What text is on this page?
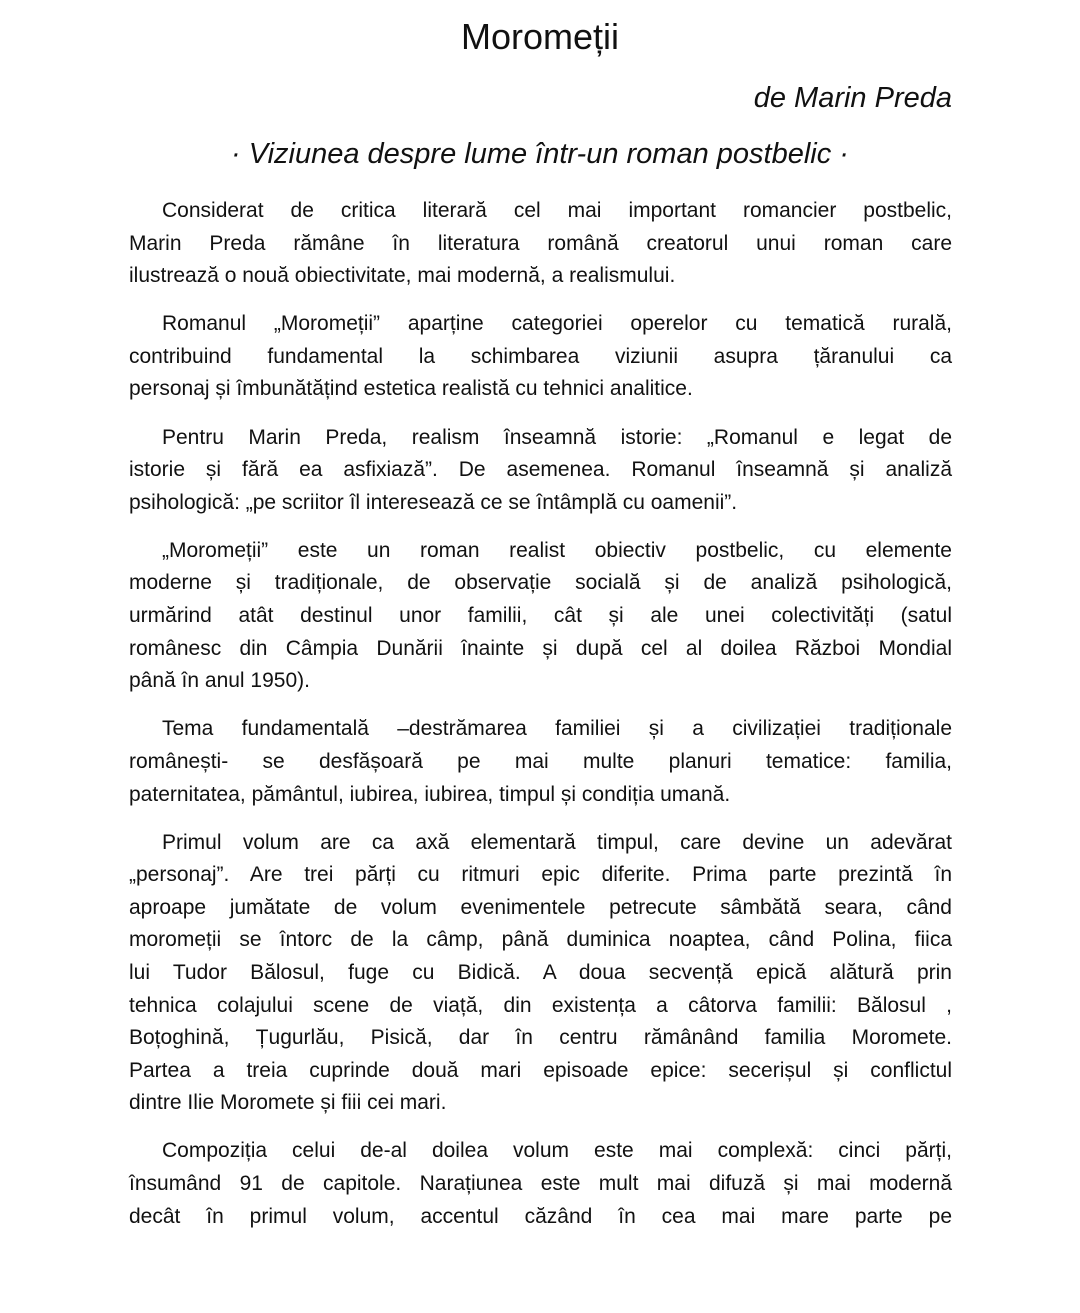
Moromeții
de Marin Preda
· Viziunea despre lume într-un roman postbelic ·
Considerat de critica literară cel mai important romancier postbelic,
Marin Preda rămâne în literatura română creatorul unui roman care
ilustrează o nouă obiectivitate, mai modernă, a realismului.
Romanul „Moromeții” aparține categoriei operelor cu tematică rurală,
contribuind fundamental la schimbarea viziunii asupra țăranului ca
personaj și îmbunătățind estetica realistă cu tehnici analitice.
Pentru Marin Preda, realism înseamnă istorie: „Romanul e legat de
istorie și fără ea asfixiază”. De asemenea. Romanul înseamnă și analiză
psihologică: „pe scriitor îl interesează ce se întâmplă cu oamenii”.
„Moromeții” este un roman realist obiectiv postbelic, cu elemente
moderne și tradiționale, de observație socială și de analiză psihologică,
urmărind atât destinul unor familii, cât și ale unei colectivități (satul
românesc din Câmpia Dunării înainte și după cel al doilea Război Mondial
până în anul 1950).
Tema fundamentală –destrămarea familiei și a civilizației tradiționale
românești- se desfășoară pe mai multe planuri tematice: familia,
paternitatea, pământul, iubirea, iubirea, timpul și condiția umană.
Primul volum are ca axă elementară timpul, care devine un adevărat
„personaj”. Are trei părți cu ritmuri epic diferite. Prima parte prezintă în
aproape jumătate de volum evenimentele petrecute sâmbătă seara, când
moromeții se întorc de la câmp, până duminica noaptea, când Polina, fiica
lui Tudor Bălosul, fuge cu Bidică. A doua secvență epică alătură prin
tehnica colajului scene de viață, din existența a câtorva familii: Bălosul ,
Boțoghină, Țugurlău, Pisică, dar în centru rămânând familia Moromete.
Partea a treia cuprinde două mari episoade epice: secerișul și conflictul
dintre Ilie Moromete și fiii cei mari.
Compoziția celui de-al doilea volum este mai complexă: cinci părți,
însumând 91 de capitole. Narațiunea este mult mai difuză și mai modernă
decât în primul volum, accentul căzând în cea mai mare parte pe
